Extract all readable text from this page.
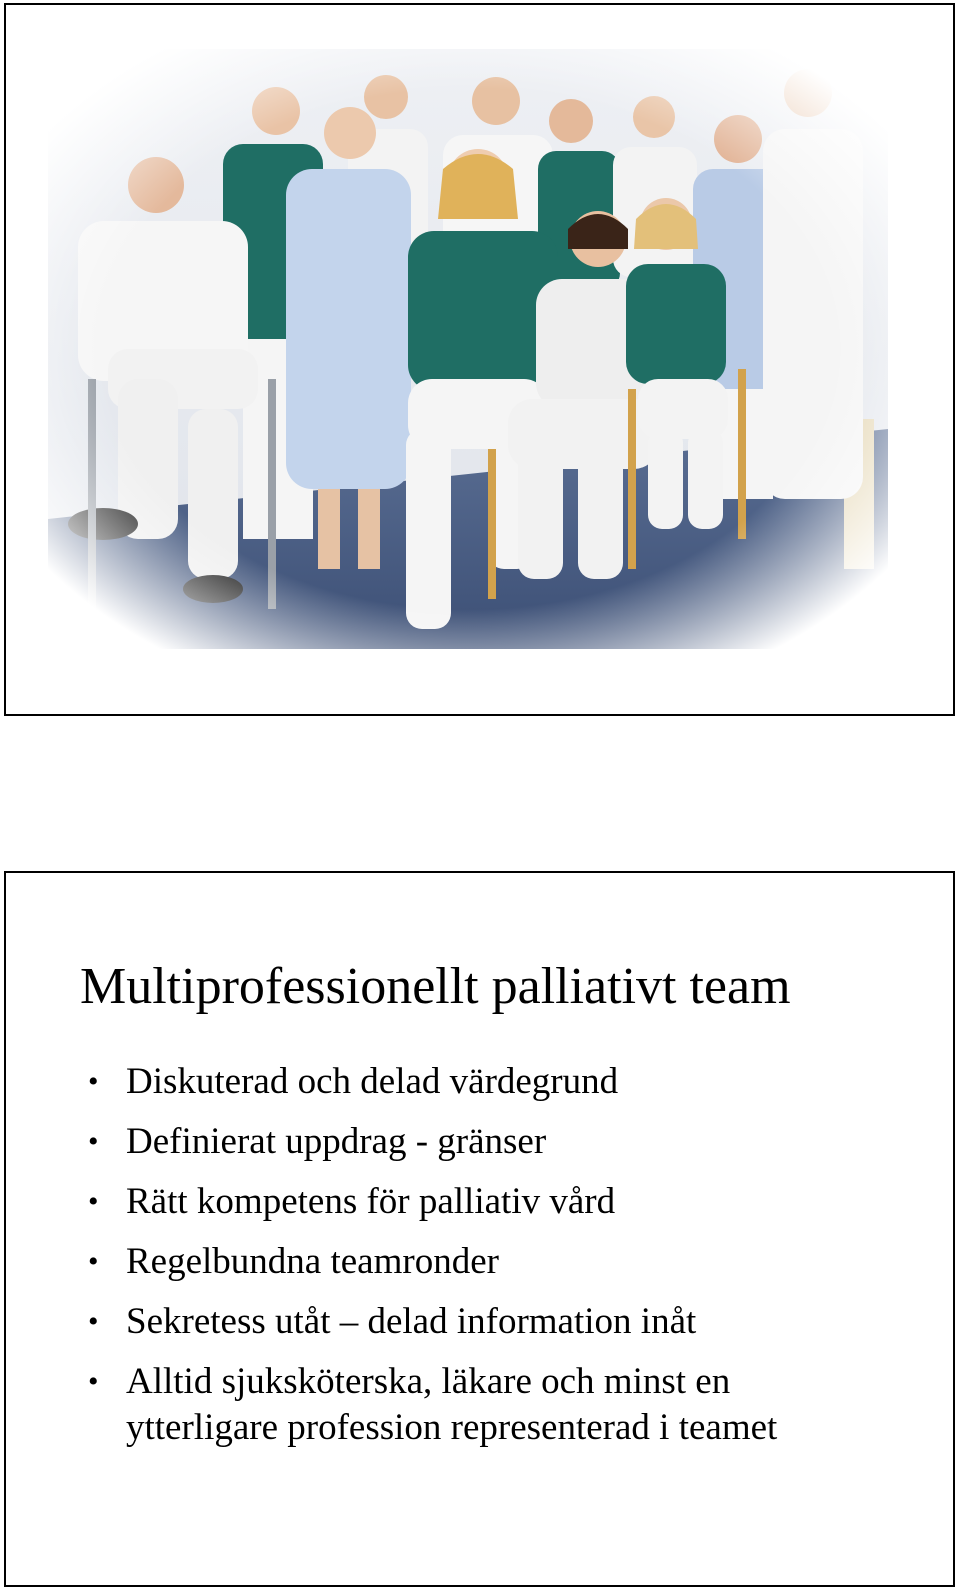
Multiprofessionellt palliativt team
• Diskuterad och delad värdegrund
• Definierat uppdrag - gränser
• Rätt kompetens för palliativ vård
• Regelbundna teamronder
• Sekretess utåt – delad information inåt
• Alltid sjuksköterska, läkare och minst en
ytterligare profession representerad i teamet
